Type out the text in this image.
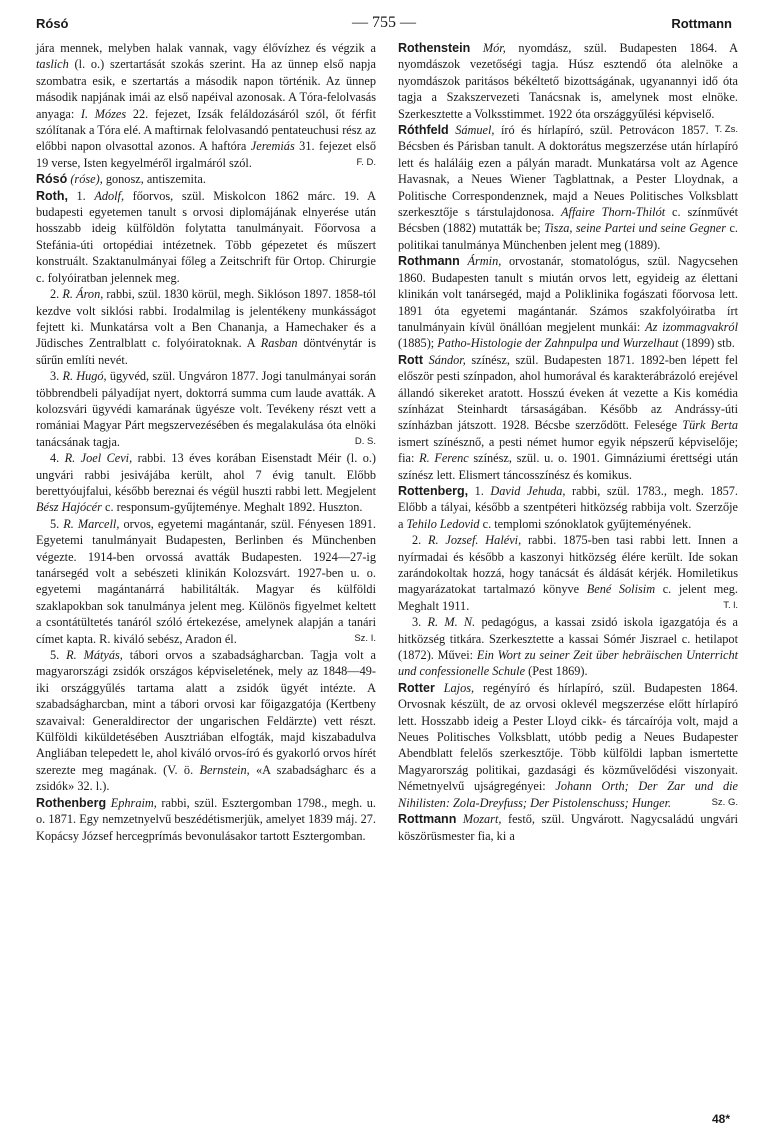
Rósó	— 755 —	Rottmann

jára mennek, melyben halak vannak, vagy élővízhez és végzik a taslich (l. o.) szertartását szokás szerint. Ha az ünnep első napja szombatra esik, e szertartás a második napon történik. Az ünnep második napjának imái az első napéival azonosak. A Tóra-felolvasás anyaga: I. Mózes 22. fejezet, Izsák feláldozásáról szól, őt férfit szólítanak a Tóra elé. A maftirnak felolvasandó pentateuchusi rész az előbbi napon olvasottal azonos. A haftóra Jeremiás 31. fejezet első 19 verse, Isten kegyelméről irgalmáról szól.	F. D.

Rósó (róse), gonosz, antiszemita.

Roth, 1. Adolf, főorvos, szül. Miskolcon 1862 márc. 19. A budapesti egyetemen tanult s orvosi diplomájának elnyerése után hosszabb ideig külföldön folytatta tanulmányait. Főorvosa a Stefánia-úti ortopédiai intézetnek. Több gépezetet és műszert konstruált. Szaktanulmányai főleg a Zeitschrift für Ortop. Chirurgie c. folyóiratban jelennek meg.

2. R. Áron, rabbi, szül. 1830 körül, megh. Siklóson 1897. 1858-tól kezdve volt siklósi rabbi. Irodalmilag is jelentékeny munkásságot fejtett ki. Munkatársa volt a Ben Chananja, a Hamechaker és a Jüdisches Zentralblatt c. folyóiratoknak. A Rasban döntvénytár is sűrűn említi nevét.

3. R. Hugó, ügyvéd, szül. Ungváron 1877. Jogi tanulmányai során többrendbeli pályadíjat nyert, doktorrá summa cum laude avatták. A kolozsvári ügyvédi kamarának ügyésze volt. Tevékeny részt vett a romániai Magyar Párt megszervezésében és megalakulása óta elnöki tanácsának tagja.	D. S.

4. R. Joel Cevi, rabbi. 13 éves korában Eisenstadt Méir (l. o.) ungvári rabbi jesivájába került, ahol 7 évig tanult. Előbb berettyóujfalui, később bereznai és végül huszti rabbi lett. Megjelent Bész Hajócér c. responsum-gyűjteménye. Meghalt 1892. Huszton.

5. R. Marcell, orvos, egyetemi magántanár, szül. Fényesen 1891. Egyetemi tanulmányait Budapesten, Berlinben és Münchenben végezte. 1914-ben orvossá avatták Budapesten. 1924—27-ig tanársegéd volt a sebészeti klinikán Kolozsvárt. 1927-ben u. o. egyetemi magántanárrá habilitálták. Magyar és külföldi szaklapokban sok tanulmánya jelent meg. Különös figyelmet keltett a csontátültetés tanáról szóló értekezése, amelynek alapján a tanári címet kapta. R. kiváló sebész, Aradon él.	Sz. I.

5. R. Mátyás, tábori orvos a szabadságharcban. Tagja volt a magyarországi zsidók országos képviseletének, mely az 1848—49-iki országgyűlés tartama alatt a zsidók ügyét intézte. A szabadságharcban, mint a tábori orvosi kar főigazgatója (Kertbeny szavaival: Generaldirector der ungarischen Feldärzte) vett részt. Külföldi kiküldetésében Ausztriában elfogták, majd kiszabadulva Angliában telepedett le, ahol kiváló orvos-író és gyakorló orvos hírét szerezte meg magának. (V. ö. Bernstein, «A szabadságharc és a zsidók» 32. l.).

Rothenberg Ephraim, rabbi, szül. Esztergomban 1798., megh. u. o. 1871. Egy nemzetnyelvű beszédétismerjük, amelyet 1839 máj. 27. Kopácsy József hercegprímás bevonulásakor tartott Esztergomban.

Rothenstein Mór, nyomdász, szül. Budapesten 1864. A nyomdászok vezetőségi tagja. Húsz esztendő óta alelnöke a nyomdászok paritásos békéltető bizottságának, ugyanannyi idő óta tagja a Szakszervezeti Tanácsnak is, amelynek most elnöke. Szerkesztette a Volksstimmet. 1922 óta országgyűlési képviselő.
T. Zs.

Róthfeld Sámuel, író és hírlapíró, szül. Petrovácon 1857. Bécsben és Párisban tanult. A doktorátus megszerzése után hírlapíró lett és haláláig ezen a pályán maradt. Munkatársa volt az Agence Havasnak, a Neues Wiener Tagblattnak, a Pester Lloydnak, a Politische Correspondenznek, majd a Neues Politisches Volksblatt szerkesztője s társtulajdonosa. Affaire Thorn-Thilót c. színművét Bécsben (1882) mutatták be; Tisza, seine Partei und seine Gegner c. politikai tanulmánya Münchenben jelent meg (1889).

Rothmann Ármin, orvostanár, stomatológus, szül. Nagycsehen 1860. Budapesten tanult s miután orvos lett, egyideig az élettani klinikán volt tanársegéd, majd a Poliklinika fogászati főorvosa lett. 1891 óta egyetemi magántanár. Számos szakfolyóiratba írt tanulmányain kívül önállóan megjelent munkái: Az izommagvakról (1885); Patho-Histologie der Zahnpulpa und Wurzelhaut (1899) stb.

Rott Sándor, színész, szül. Budapesten 1871. 1892-ben lépett fel először pesti színpadon, ahol humorával és karakterábrázoló erejével állandó sikereket aratott. Hosszú éveken át vezette a Kis komédia színházat Steinhardt társaságában. Később az Andrássy-úti színházban játszott. 1928. Bécsbe szerződött. Felesége Türk Berta ismert színésznő, a pesti német humor egyik népszerű képviselője; fia: R. Ferenc színész, szül. u. o. 1901. Gimnáziumi érettségi után színész lett. Elismert táncosszínész és komikus.

Rottenberg, 1. David Jehuda, rabbi, szül. 1783., megh. 1857. Előbb a tályai, később a szentpéteri hitközség rabbija volt. Szerzője a Tehilo Ledovid c. templomi szónoklatok gyűjteményének.

2. R. Jozsef. Halévi, rabbi. 1875-ben tasi rabbi lett. Innen a nyírmadai és később a kaszonyi hitközség élére került. Ide sokan zarándokoltak hozzá, hogy tanácsát és áldását kérjék. Homiletikus magyarázatokat tartalmazó könyve Bené Solisim c. jelent meg. Meghalt 1911.	T. l.

3. R. M. N. pedagógus, a kassai zsidó iskola igazgatója és a hitközség titkára. Szerkesztette a kassai Sómér Jiszrael c. hetilapot (1872). Művei: Ein Wort zu seiner Zeit über hebräischen Unterricht und confessionelle Schule (Pest 1869).

Rotter Lajos, regényíró és hírlapíró, szül. Budapesten 1864. Orvosnak készült, de az orvosi oklevél megszerzése előtt hírlapíró lett. Hosszabb ideig a Pester Lloyd cikk- és tárcaírója volt, majd a Neues Politisches Volksblatt, utóbb pedig a Neues Budapester Abendblatt felelős szerkesztője. Több külföldi lapban ismertette Magyarország politikai, gazdasági és közművelődési viszonyait. Németnyelvű ujságregényei: Johann Orth; Der Zar und die Nihilisten: Zola-Dreyfuss; Der Pistolenschuss; Hunger.	Sz. G.

Rottmann Mozart, festő, szül. Ungvárott. Nagycsaládú ungvári köszörüsmester fia, ki a

48*
